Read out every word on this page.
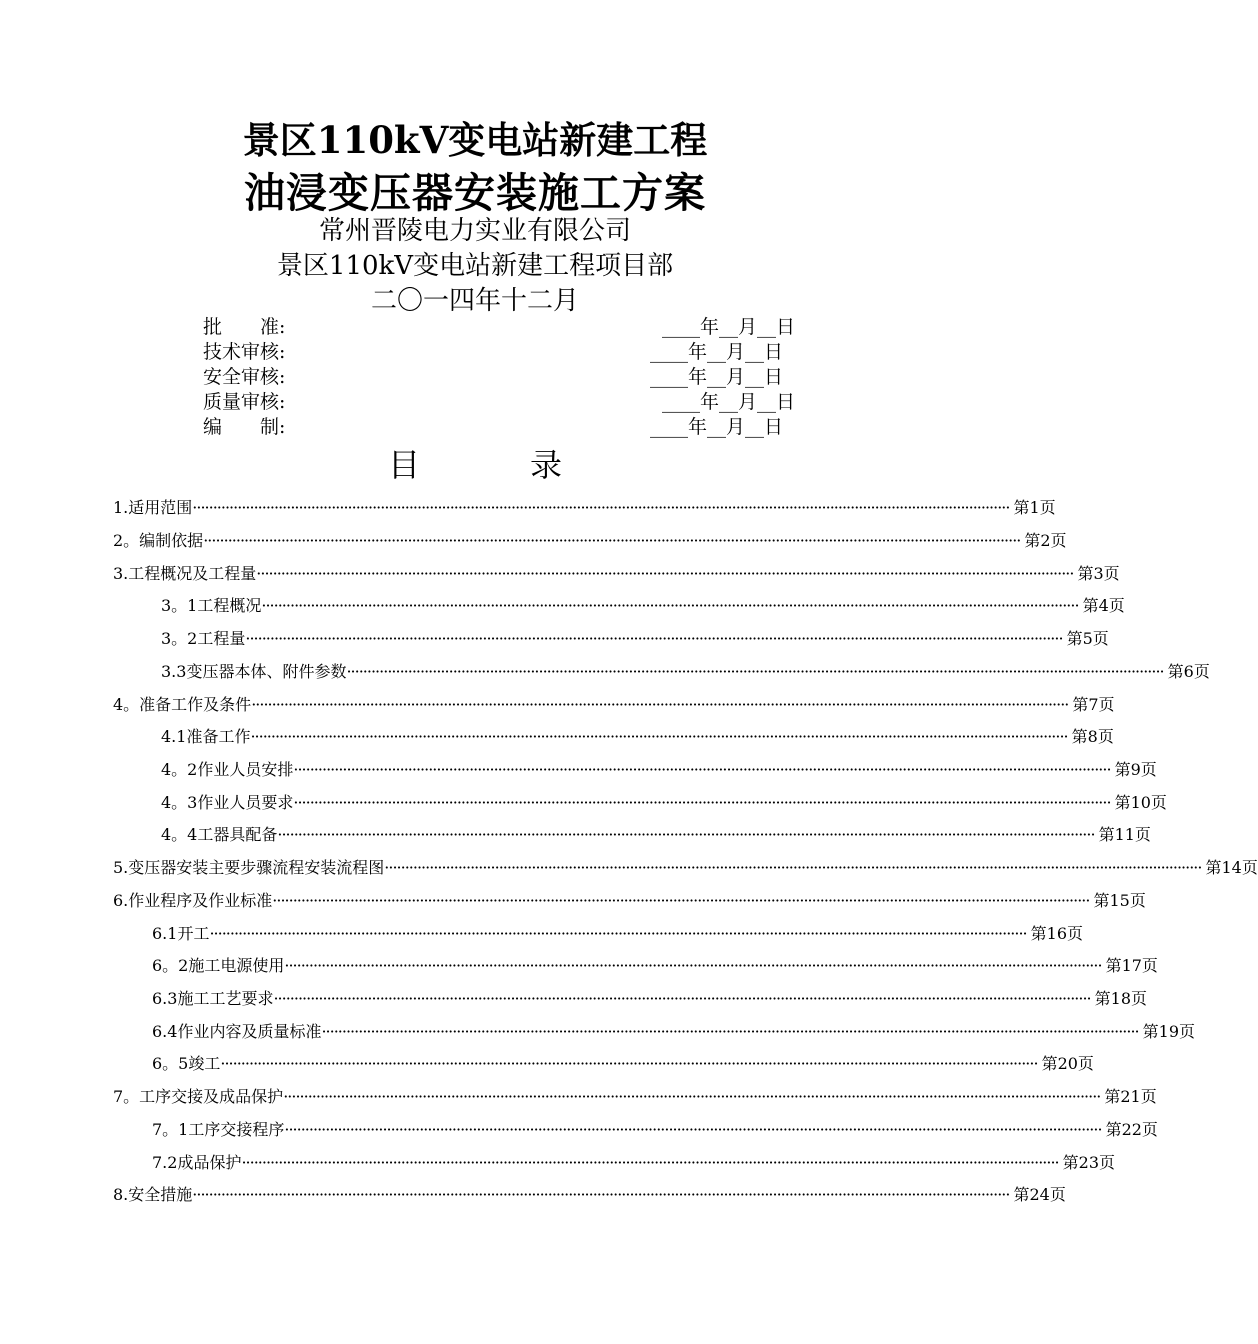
景区110kV变电站新建工程
油浸变压器安装施工方案
常州晋陵电力实业有限公司
景区110kV变电站新建工程项目部
二〇一四年十二月
批　　准:	____年__月__日
技术审核:	____年__月__日
安全审核:	____年__月__日
质量审核:	____年__月__日
编　　制:	____年__月__日
目	录
1.适用范围 ········································································································································································································ 第1页
2。编制依据 ········································································································································································································ 第2页
3.工程概况及工程量 ········································································································································································································ 第3页
3。1工程概况 ········································································································································································································ 第4页
3。2工程量 ········································································································································································································ 第5页
3.3变压器本体、附件参数 ········································································································································································································ 第6页
4。准备工作及条件 ········································································································································································································ 第7页
4.1准备工作 ········································································································································································································ 第8页
4。2作业人员安排 ········································································································································································································ 第9页
4。3作业人员要求 ········································································································································································································ 第10页
4。4工器具配备 ········································································································································································································ 第11页
5.变压器安装主要步骤流程安装流程图 ········································································································································································································ 第14页
6.作业程序及作业标准 ········································································································································································································ 第15页
6.1开工 ········································································································································································································ 第16页
6。2施工电源使用 ········································································································································································································ 第17页
6.3施工工艺要求 ········································································································································································································ 第18页
6.4作业内容及质量标准 ········································································································································································································ 第19页
6。5竣工 ········································································································································································································ 第20页
7。工序交接及成品保护 ········································································································································································································ 第21页
7。1工序交接程序 ········································································································································································································ 第22页
7.2成品保护 ········································································································································································································ 第23页
8.安全措施 ········································································································································································································ 第24页
